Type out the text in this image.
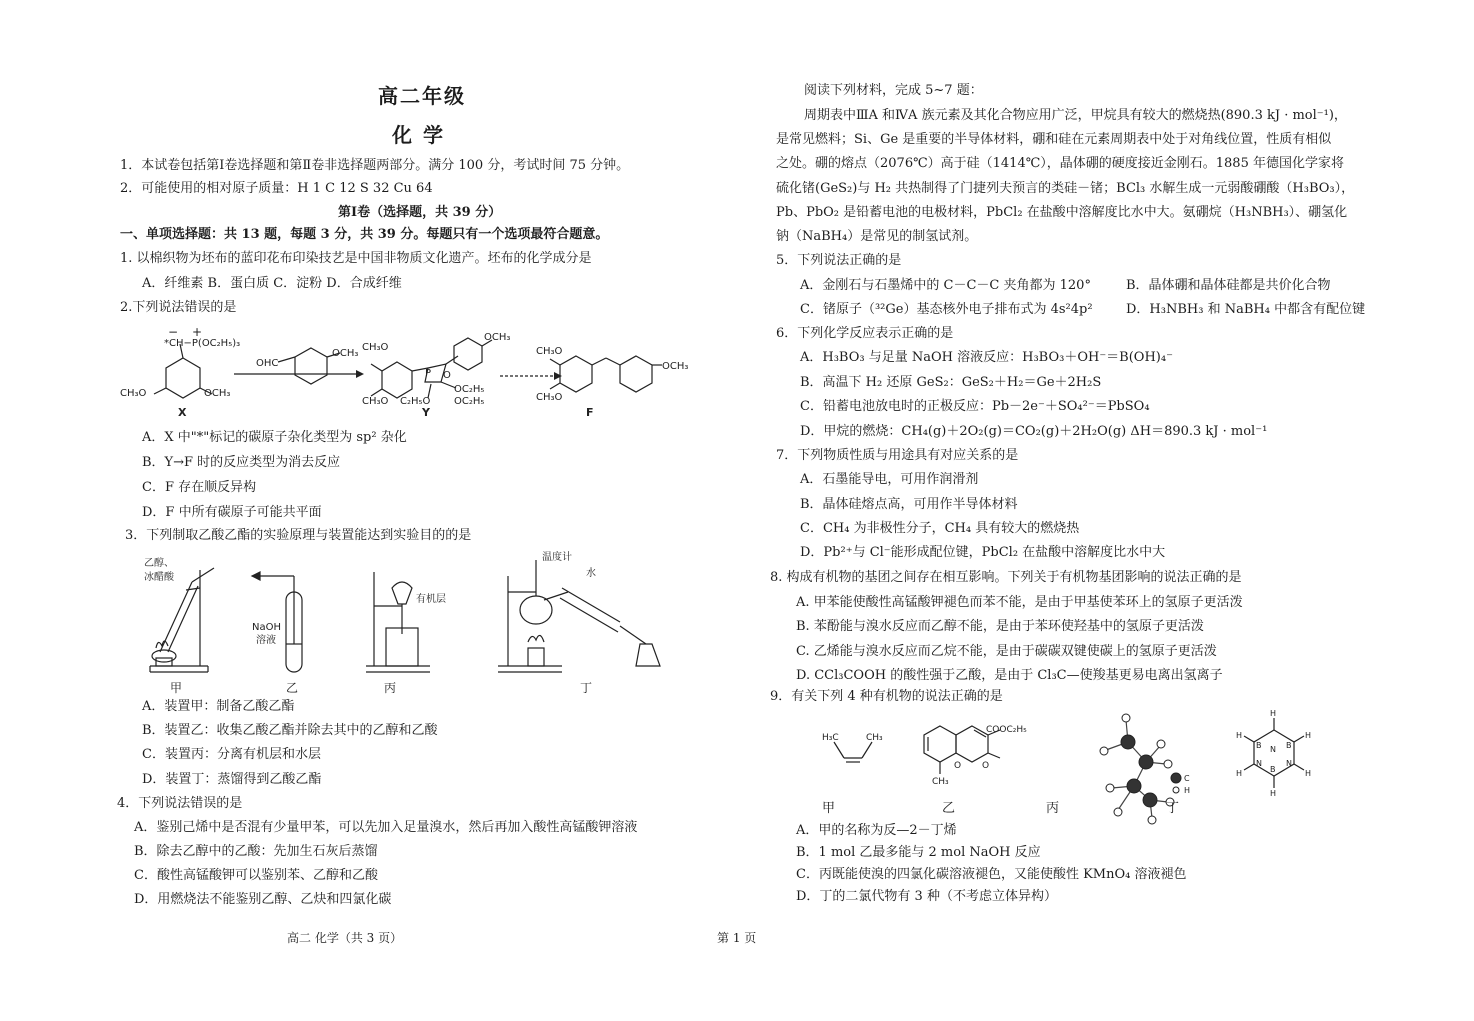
高二年级
化 学
1．本试卷包括第Ⅰ卷选择题和第Ⅱ卷非选择题两部分。满分 100 分，考试时间 75 分钟。
2．可能使用的相对原子质量：H 1 C 12 S 32 Cu 64
第Ⅰ卷（选择题，共 39 分）
一、单项选择题：共 13 题，每题 3 分，共 39 分。每题只有一个选项最符合题意。
1. 以棉织物为坯布的蓝印花布印染技艺是中国非物质文化遗产。坯布的化学成分是
A．纤维素 B．蛋白质 C．淀粉 D．合成纤维
2.下列说法错误的是
− +
*CH−P(OC₂H₅)₃
CH₃O	OCH₃
X
OHC
OCH₃
CH₃O
CH₃O
OCH₃
P O
OC₂H₅
OC₂H₅
C₂H₅O
Y
CH₃O
CH₃O
OCH₃
F
A．X 中"*"标记的碳原子杂化类型为 sp² 杂化
B．Y→F 时的反应类型为消去反应
C．F 存在顺反异构
D．F 中所有碳原子可能共平面
3．下列制取乙酸乙酯的实验原理与装置能达到实验目的的是
乙醇、
冰醋酸
NaOH
溶液
有机层
温度计
水
甲	乙	丙	丁
A．装置甲：制备乙酸乙酯
B．装置乙：收集乙酸乙酯并除去其中的乙醇和乙酸
C．装置丙：分离有机层和水层
D．装置丁：蒸馏得到乙酸乙酯
4．下列说法错误的是
A．鉴别己烯中是否混有少量甲苯，可以先加入足量溴水，然后再加入酸性高锰酸钾溶液
B．除去乙醇中的乙酸：先加生石灰后蒸馏
C．酸性高锰酸钾可以鉴别苯、乙醇和乙酸
D．用燃烧法不能鉴别乙醇、乙炔和四氯化碳
高二 化学（共 3 页）	第 1 页
阅读下列材料，完成 5~7 题：
周期表中ⅢA 和ⅣA 族元素及其化合物应用广泛，甲烷具有较大的燃烧热(890.3 kJ · mol⁻¹)，
是常见燃料；Si、Ge 是重要的半导体材料，硼和硅在元素周期表中处于对角线位置，性质有相似
之处。硼的熔点（2076℃）高于硅（1414℃），晶体硼的硬度接近金刚石。1885 年德国化学家将
硫化锗(GeS₂)与 H₂ 共热制得了门捷列夫预言的类硅－锗；BCl₃ 水解生成一元弱酸硼酸（H₃BO₃），
Pb、PbO₂ 是铅蓄电池的电极材料，PbCl₂ 在盐酸中溶解度比水中大。氨硼烷（H₃NBH₃）、硼氢化
钠（NaBH₄）是常见的制氢试剂。
5．下列说法正确的是
A．金刚石与石墨烯中的 C－C－C 夹角都为 120°	B．晶体硼和晶体硅都是共价化合物
C．锗原子（³²Ge）基态核外电子排布式为 4s²4p²	D．H₃NBH₃ 和 NaBH₄ 中都含有配位键
6．下列化学反应表示正确的是
A．H₃BO₃ 与足量 NaOH 溶液反应：H₃BO₃＋OH⁻＝B(OH)₄⁻
B．高温下 H₂ 还原 GeS₂：GeS₂＋H₂＝Ge＋2H₂S
C．铅蓄电池放电时的正极反应：Pb－2e⁻＋SO₄²⁻＝PbSO₄
D．甲烷的燃烧：CH₄(g)＋2O₂(g)＝CO₂(g)＋2H₂O(g) ΔH＝890.3 kJ · mol⁻¹
7．下列物质性质与用途具有对应关系的是
A．石墨能导电，可用作润滑剂
B．晶体硅熔点高，可用作半导体材料
C．CH₄ 为非极性分子，CH₄ 具有较大的燃烧热
D．Pb²⁺与 Cl⁻能形成配位键，PbCl₂ 在盐酸中溶解度比水中大
8. 构成有机物的基团之间存在相互影响。下列关于有机物基团影响的说法正确的是
A. 甲苯能使酸性高锰酸钾褪色而苯不能，是由于甲基使苯环上的氢原子更活泼
B. 苯酚能与溴水反应而乙醇不能，是由于苯环使羟基中的氢原子更活泼
C. 乙烯能与溴水反应而乙烷不能，是由于碳碳双键使碳上的氢原子更活泼
D. CCl₃COOH 的酸性强于乙酸，是由于 Cl₃C—使羧基更易电离出氢离子
9．有关下列 4 种有机物的说法正确的是
C
H
H₃C	CH₃
COOC₂H₅
O O
CH₃
H
N
H
B
H
N
H
B
H
N
H
B
甲	乙	丙	丁
A．甲的名称为反—2－丁烯
B．1 mol 乙最多能与 2 mol NaOH 反应
C．丙既能使溴的四氯化碳溶液褪色，又能使酸性 KMnO₄ 溶液褪色
D．丁的二氯代物有 3 种（不考虑立体异构）
